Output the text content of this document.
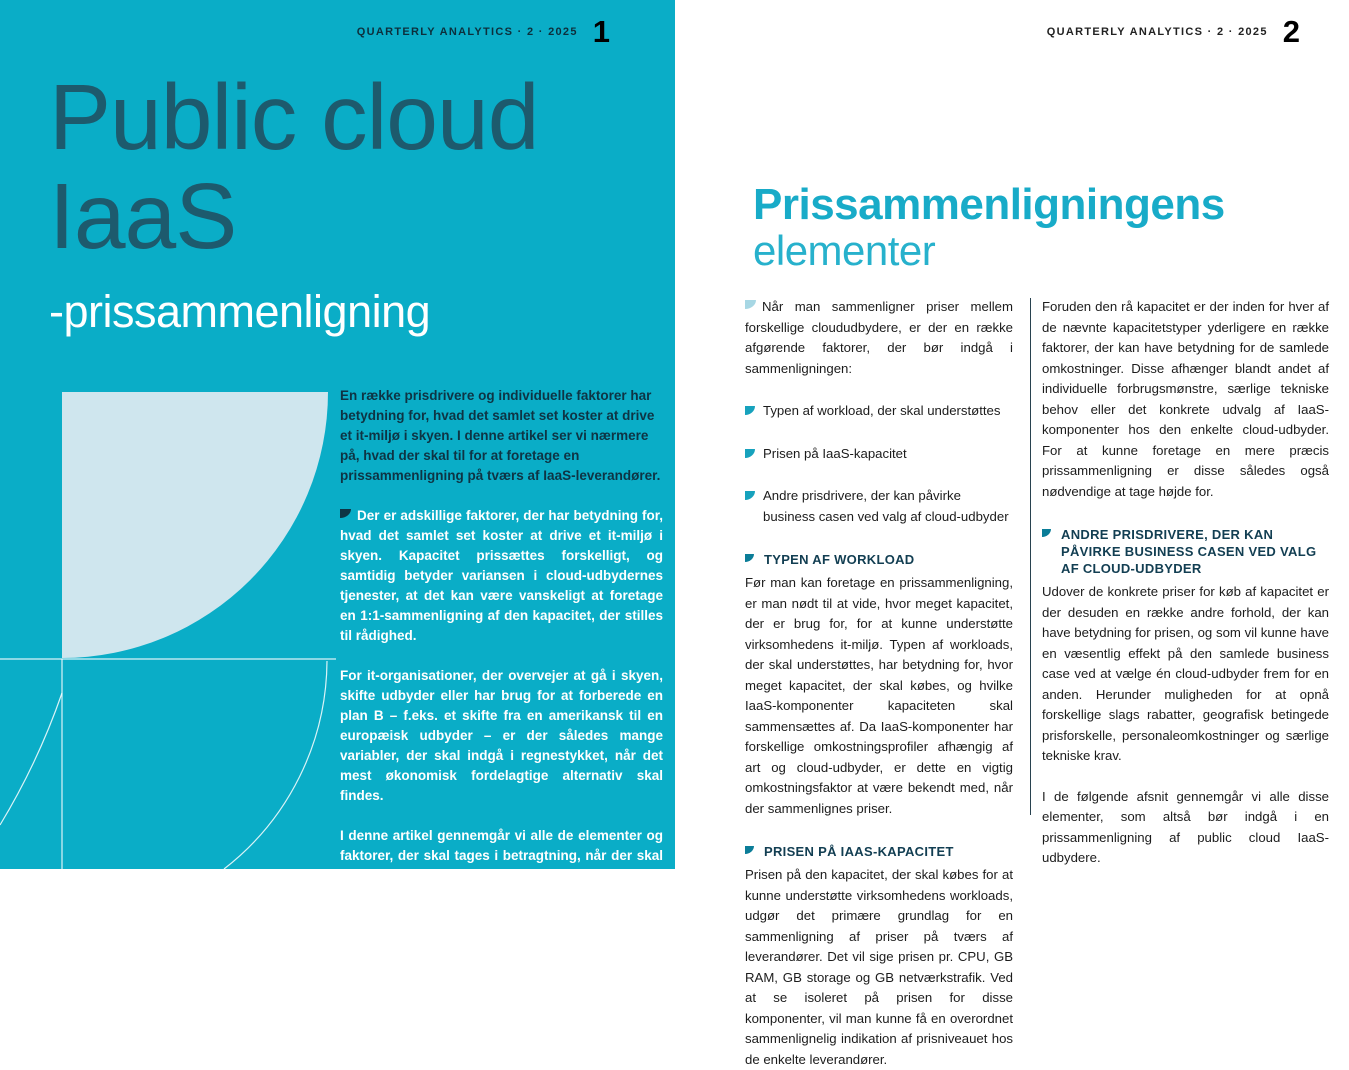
QUARTERLY ANALYTICS · 2 · 2025 1
Public cloud
IaaS
-prissammenligning

En række prisdrivere og individuelle faktorer har betydning for, hvad det samlet set koster at drive et it-miljø i skyen. I denne artikel ser vi nærmere på, hvad der skal til for at foretage en prissammenligning på tværs af IaaS-leverandører.

Der er adskillige faktorer, der har betydning for, hvad det samlet set koster at drive et it-miljø i skyen. Kapacitet prissættes forskelligt, og samtidig betyder variansen i cloud-udbydernes tjenester, at det kan være vanskeligt at foretage en 1:1-sammenligning af den kapacitet, der stilles til rådighed.

For it-organisationer, der overvejer at gå i skyen, skifte udbyder eller har brug for at forberede en plan B – f.eks. et skifte fra en amerikansk til en europæisk udbyder – er der således mange variabler, der skal indgå i regnestykket, når det mest økonomisk fordelagtige alternativ skal findes.

I denne artikel gennemgår vi alle de elementer og faktorer, der skal tages i betragtning, når der skal foretages en nøjagtig sammenligning af cloud-udbydernes IaaS-priser. Artiklen igennem anvender vi eksempler fra Quarterly Analytics' kvartalspriser på public cloud prisrapport.

QUARTERLY ANALYTICS · 2 · 2025 2
Prissammenligningens
elementer

Når man sammenligner priser mellem forskellige cloududbydere, er der en række afgørende faktorer, der bør indgå i sammenligningen:

Typen af workload, der skal understøttes
Prisen på IaaS-kapacitet
Andre prisdrivere, der kan påvirke business casen ved valg af cloud-udbyder
TYPEN AF WORKLOAD

Før man kan foretage en prissammenligning, er man nødt til at vide, hvor meget kapacitet, der er brug for, for at kunne understøtte virksomhedens it-miljø. Typen af workloads, der skal understøttes, har betydning for, hvor meget kapacitet, der skal købes, og hvilke IaaS-komponenter kapaciteten skal sammensættes af. Da IaaS-komponenter har forskellige omkostningsprofiler afhængig af art og cloud-udbyder, er dette en vigtig omkostningsfaktor at være bekendt med, når der sammenlignes priser.

PRISEN PÅ IAAS-KAPACITET

Prisen på den kapacitet, der skal købes for at kunne understøtte virksomhedens workloads, udgør det primære grundlag for en sammenligning af priser på tværs af leverandører. Det vil sige prisen pr. CPU, GB RAM, GB storage og GB netværkstrafik. Ved at se isoleret på prisen for disse komponenter, vil man kunne få en overordnet sammenlignelig indikation af prisniveauet hos de enkelte leverandører.

Foruden den rå kapacitet er der inden for hver af de nævnte kapacitetstyper yderligere en række faktorer, der kan have betydning for de samlede omkostninger. Disse afhænger blandt andet af individuelle forbrugsmønstre, særlige tekniske behov eller det konkrete udvalg af IaaS-komponenter hos den enkelte cloud-udbyder. For at kunne foretage en mere præcis prissammenligning er disse således også nødvendige at tage højde for.

ANDRE PRISDRIVERE, DER KAN PÅVIRKE BUSINESS CASEN VED VALG AF CLOUD-UDBYDER

Udover de konkrete priser for køb af kapacitet er der desuden en række andre forhold, der kan have betydning for prisen, og som vil kunne have en væsentlig effekt på den samlede business case ved at vælge én cloud-udbyder frem for en anden. Herunder muligheden for at opnå forskellige slags rabatter, geografisk betingede prisforskelle, personaleomkostninger og særlige tekniske krav.

I de følgende afsnit gennemgår vi alle disse elementer, som altså bør indgå i en prissammenligning af public cloud IaaS-udbydere.
